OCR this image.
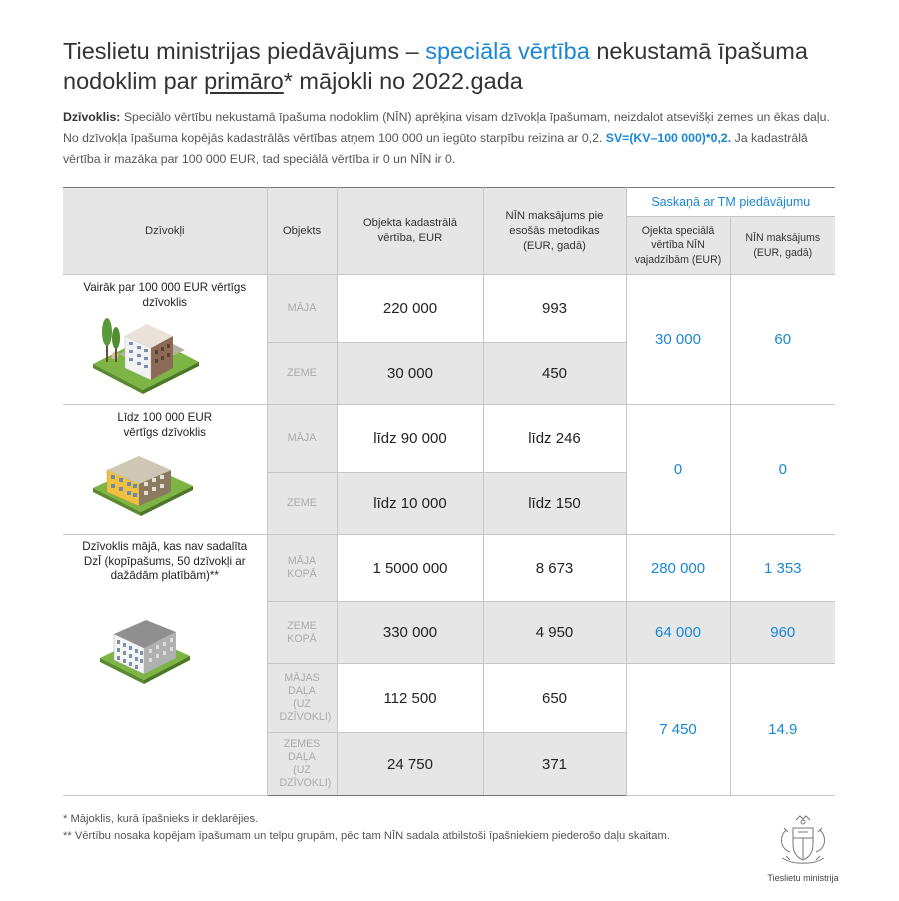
Tieslietu ministrijas piedāvājums – speciālā vērtība nekustamā īpašuma nodoklim par primāro* mājokli no 2022.gada
Dzīvoklis: Speciālo vērtību nekustamā īpašuma nodoklim (NĪN) aprēķina visam dzīvokļa īpašumam, neizdalot atsevišķi zemes un ēkas daļu. No dzīvokļa īpašuma kopējās kadastrālās vērtības atņem 100 000 un iegūto starpību reizina ar 0,2. SV=(KV–100 000)*0,2. Ja kadastrālā vērtība ir mazāka par 100 000 EUR, tad speciālā vērtība ir 0 un NĪN ir 0.
Dzīvokļi	Objekts	Objekta kadastrālā vērtība, EUR	NĪN maksājums pie esošās metodikas (EUR, gadā)	Saskaņā ar TM piedāvājumu	

				Ojekta speciālā vērtība NĪN vajadzībām (EUR)	NĪN maksājums (EUR, gadā)

Vairāk par 100 000 EUR vērtīgs dzīvoklis	MĀJA	220 000	993	30 000	60
	ZEME	30 000	450		

Līdz 100 000 EUR vērtīgs dzīvoklis	MĀJA	līdz 90 000	līdz 246	0	0
	ZEME	līdz 10 000	līdz 150		

Dzīvoklis mājā, kas nav sadalīta DzĪ (kopīpašums, 50 dzīvokļi ar dažādām platībām)**	MĀJA KOPĀ	1 5000 000	8 673	280 000	1 353

	ZEME KOPĀ	330 000	4 950	64 000	960

	MĀJAS DAĻA (UZ DZĪVOKLI)	112 500	650	7 450	14.9

	ZEMES DAĻA (UZ DZĪVOKLI)	24 750	371		
* Mājoklis, kurā īpašnieks ir deklarējies.
** Vērtību nosaka kopējam īpašumam un telpu grupām, pēc tam NĪN sadala atbilstoši īpašniekiem piederošo daļu skaitam.
Tieslietu ministrija
